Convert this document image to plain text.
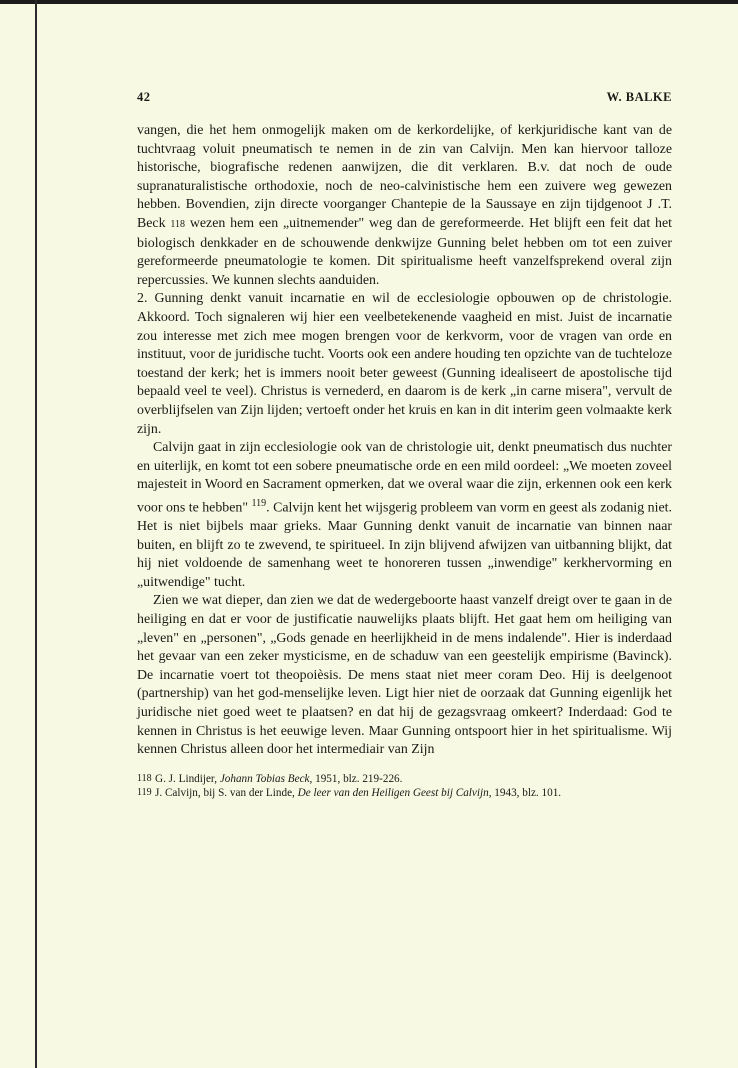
42	W. BALKE

vangen, die het hem onmogelijk maken om de kerkordelijke, of kerkjuridische kant van de tuchtvraag voluit pneumatisch te nemen in de zin van Calvijn. Men kan hiervoor talloze historische, biografische redenen aanwijzen, die dit verklaren. B.v. dat noch de oude supranaturalistische orthodoxie, noch de neo-calvinistische hem een zuivere weg gewezen hebben. Bovendien, zijn directe voorganger Chantepie de la Saussaye en zijn tijdgenoot J .T. Beck 118 wezen hem een „uitnemender" weg dan de gereformeerde. Het blijft een feit dat het biologisch denkkader en de schouwende denkwijze Gunning belet hebben om tot een zuiver gereformeerde pneumatologie te komen. Dit spiritualisme heeft vanzelfsprekend overal zijn repercussies. We kunnen slechts aanduiden.

2. Gunning denkt vanuit incarnatie en wil de ecclesiologie opbouwen op de christologie. Akkoord. Toch signaleren wij hier een veelbetekenende vaagheid en mist. Juist de incarnatie zou interesse met zich mee mogen brengen voor de kerkvorm, voor de vragen van orde en instituut, voor de juridische tucht. Voorts ook een andere houding ten opzichte van de tuchteloze toestand der kerk; het is immers nooit beter geweest (Gunning idealiseert de apostolische tijd bepaald veel te veel). Christus is vernederd, en daarom is de kerk „in carne misera", vervult de overblijfselen van Zijn lijden; vertoeft onder het kruis en kan in dit interim geen volmaakte kerk zijn.

Calvijn gaat in zijn ecclesiologie ook van de christologie uit, denkt pneumatisch dus nuchter en uiterlijk, en komt tot een sobere pneumatische orde en een mild oordeel: „We moeten zoveel majesteit in Woord en Sacrament opmerken, dat we overal waar die zijn, erkennen ook een kerk voor ons te hebben" $^{119}$. Calvijn kent het wijsgerig probleem van vorm en geest als zodanig niet. Het is niet bijbels maar grieks. Maar Gunning denkt vanuit de incarnatie van binnen naar buiten, en blijft zo te zwevend, te spiritueel. In zijn blijvend afwijzen van uitbanning blijkt, dat hij niet voldoende de samenhang weet te honoreren tussen „inwendige" kerkhervorming en „uitwendige" tucht.

Zien we wat dieper, dan zien we dat de wedergeboorte haast vanzelf dreigt over te gaan in de heiliging en dat er voor de justificatie nauwelijks plaats blijft. Het gaat hem om heiliging van „leven" en „personen", „Gods genade en heerlijkheid in de mens indalende". Hier is inderdaad het gevaar van een zeker mysticisme, en de schaduw van een geestelijk empirisme (Bavinck). De incarnatie voert tot theopoièsis. De mens staat niet meer coram Deo. Hij is deelgenoot (partnership) van het god-menselijke leven. Ligt hier niet de oorzaak dat Gunning eigenlijk het juridische niet goed weet te plaatsen? en dat hij de gezagsvraag omkeert? Inderdaad: God te kennen in Christus is het eeuwige leven. Maar Gunning ontspoort hier in het spiritualisme. Wij kennen Christus alleen door het intermediair van Zijn

118 G. J. Lindijer, Johann Tobias Beck, 1951, blz. 219-226.
119 J. Calvijn, bij S. van der Linde, De leer van den Heiligen Geest bij Calvijn, 1943, blz. 101.
